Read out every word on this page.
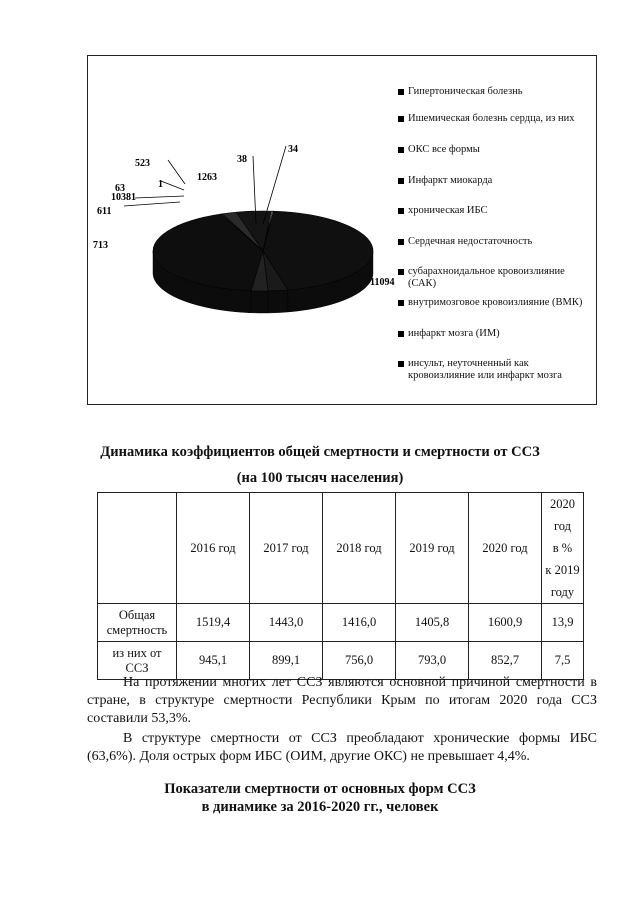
11094
713
611
10381
63	1
523
1263
38
34
Гипертоническая болезнь
Ишемическая болезнь сердца, из них
ОКС все формы
Инфаркт миокарда
хроническая ИБС
Сердечная недостаточность
субарахноидальное кровоизлияние (САК)
внутримозговое кровоизлияние (ВМК)
инфаркт мозга (ИМ)
инсульт, неуточненный как кровоизлияние или инфаркт мозга
Динамика коэффициентов общей смертности и смертности от ССЗ
(на 100 тысяч населения)
	2016 год	2017 год	2018 год	2019 год	2020 год	2020 год
в %
к 2019
году

Общая
смертность	1519,4	1443,0	1416,0	1405,8	1600,9	13,9

из них от
ССЗ	945,1	899,1	756,0	793,0	852,7	7,5
На протяжении многих лет ССЗ являются основной причиной смертности в стране, в структуре смертности Республики Крым по итогам 2020 года ССЗ составили 53,3%.
В структуре смертности от ССЗ преобладают хронические формы ИБС (63,6%). Доля острых форм ИБС (ОИМ, другие ОКС) не превышает 4,4%.
Показатели смертности от основных форм ССЗ
в динамике за 2016-2020 гг., человек
